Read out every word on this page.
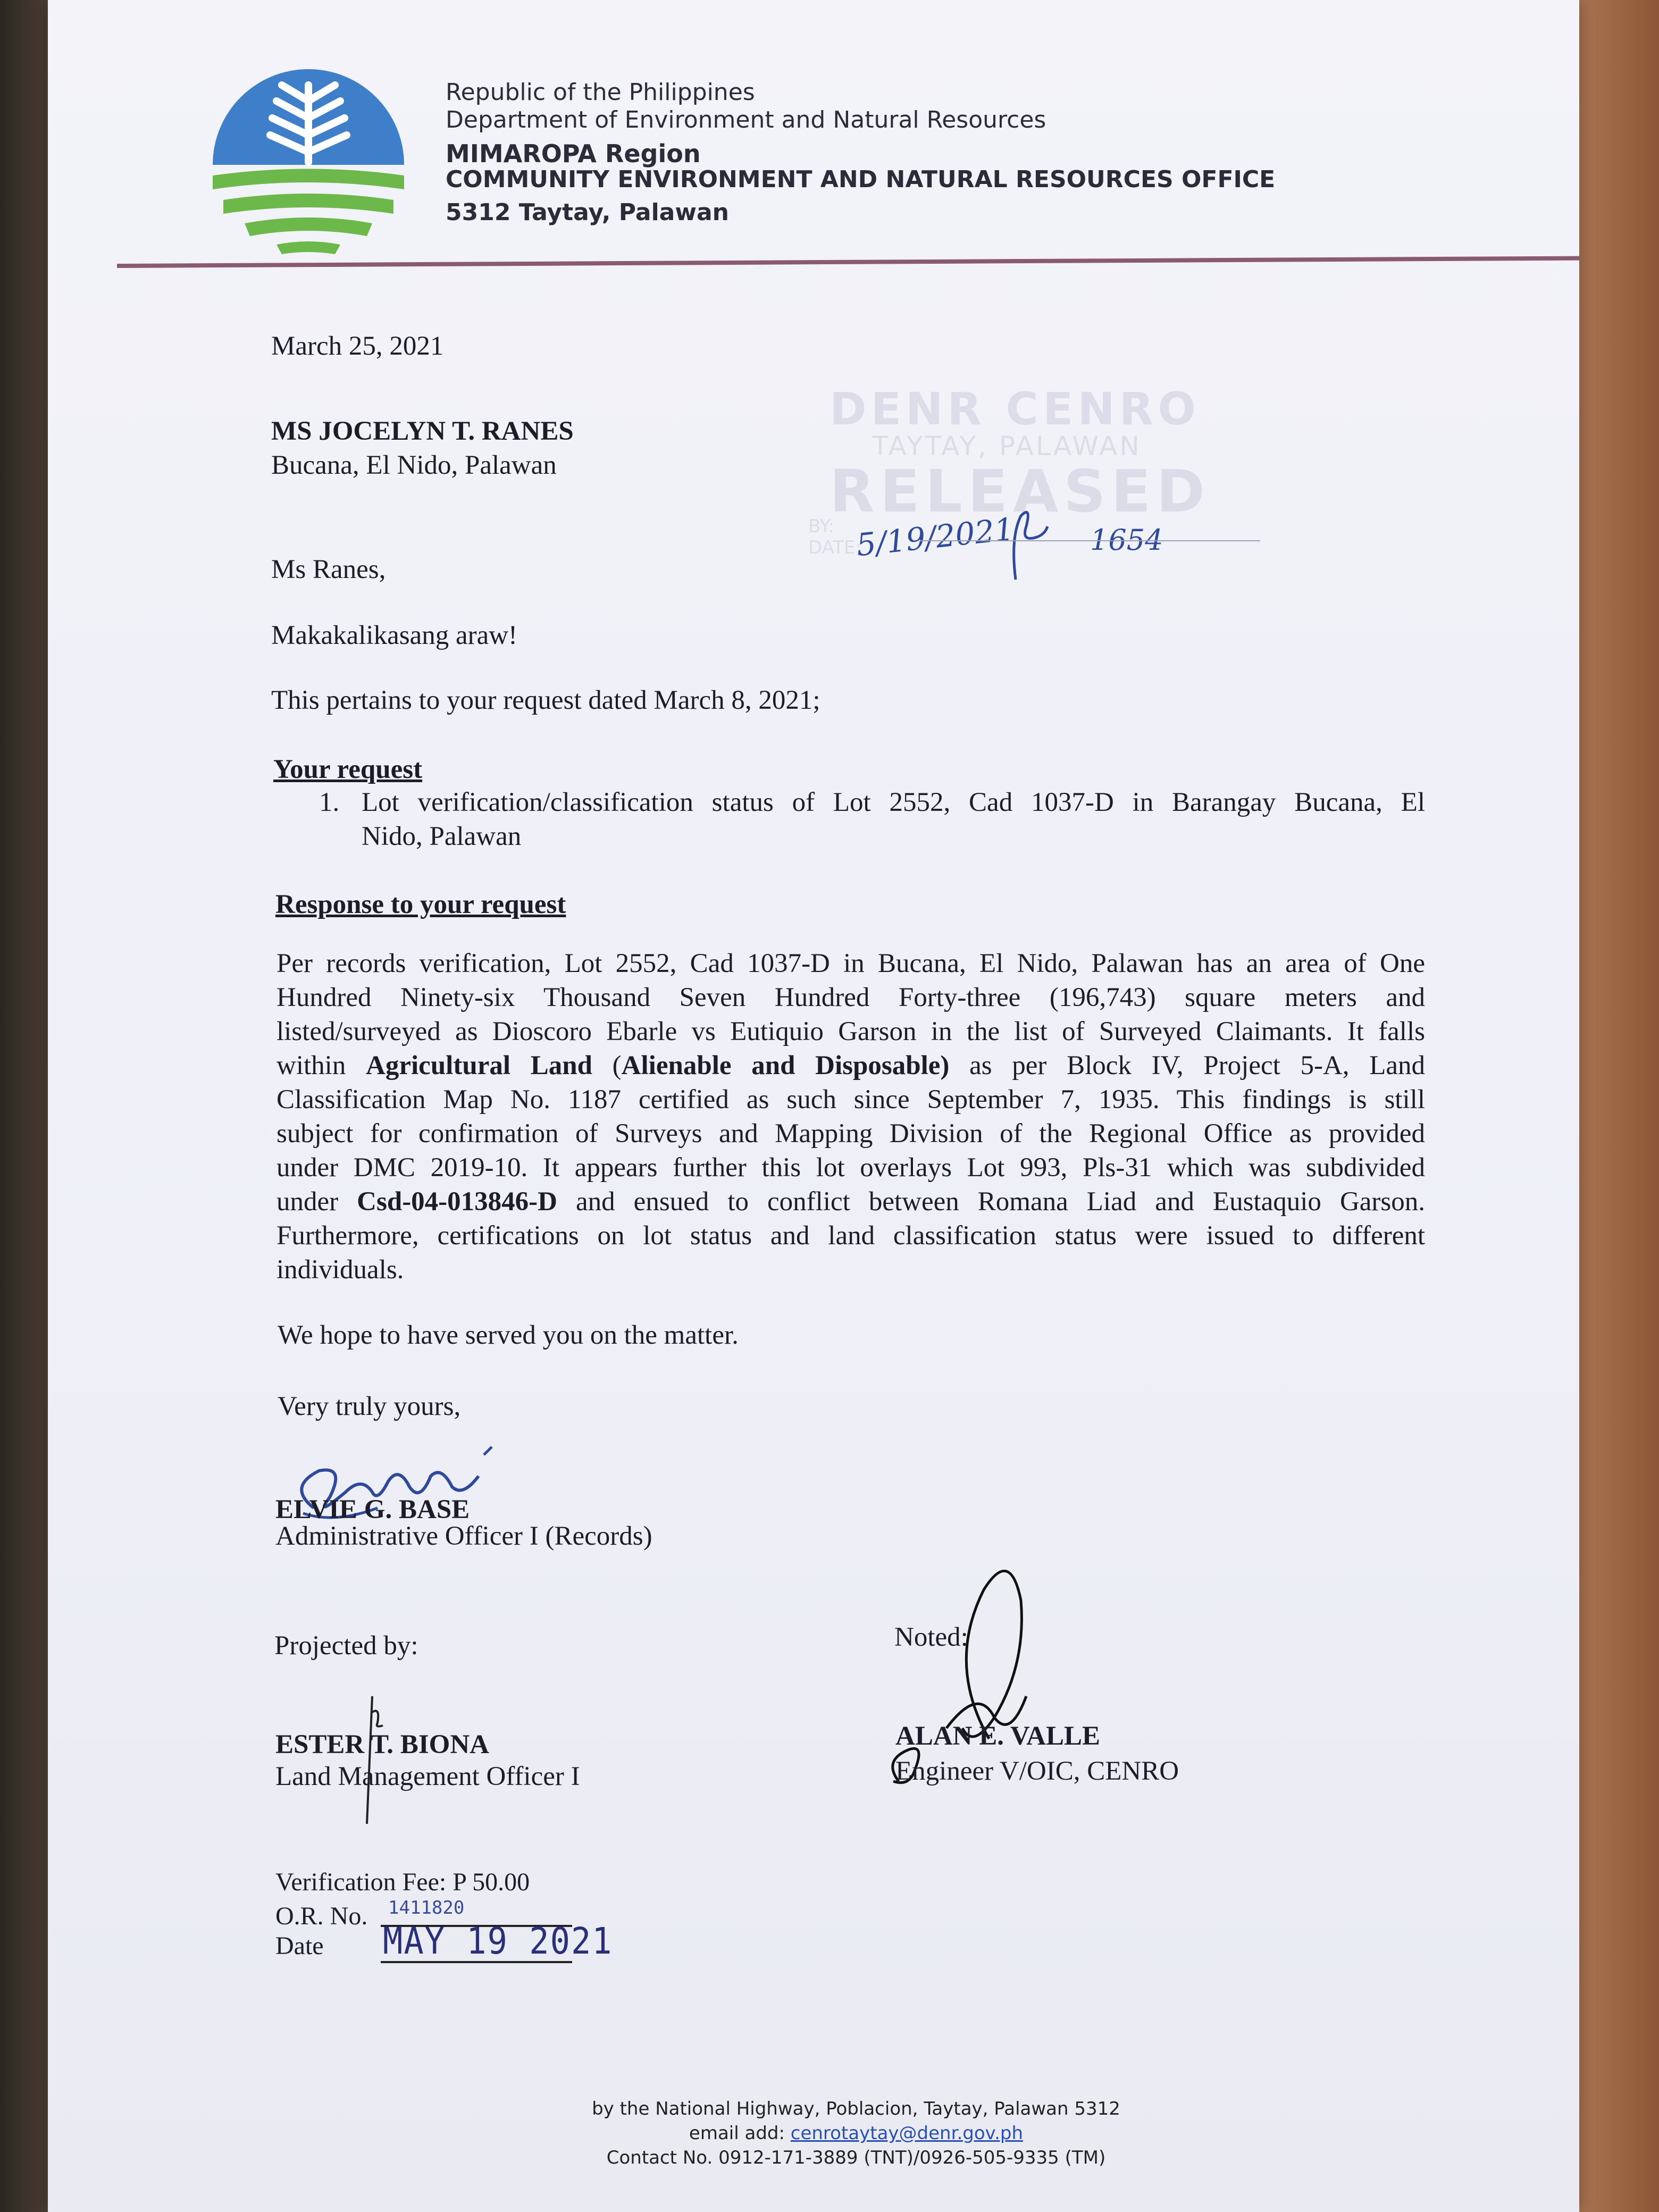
Republic of the Philippines
Department of Environment and Natural Resources
MIMAROPA Region
COMMUNITY ENVIRONMENT AND NATURAL RESOURCES OFFICE
5312 Taytay, Palawan
DENR CENRO
TAYTAY, PALAWAN
RELEASED
BY:
DATE:
5/19/2021	1654
March 25, 2021
MS JOCELYN T. RANES
Bucana, El Nido, Palawan
Ms Ranes,
Makakalikasang araw!
This pertains to your request dated March 8, 2021;
Your request
1. Lot verification/classification status of Lot 2552, Cad 1037-D in Barangay Bucana, El
Nido, Palawan
Response to your request
Per records verification, Lot 2552, Cad 1037-D in Bucana, El Nido, Palawan has an area of One
Hundred Ninety-six Thousand Seven Hundred Forty-three (196,743) square meters and
listed/surveyed as Dioscoro Ebarle vs Eutiquio Garson in the list of Surveyed Claimants. It falls
within Agricultural Land (Alienable and Disposable) as per Block IV, Project 5-A, Land
Classification Map No. 1187 certified as such since September 7, 1935. This findings is still
subject for confirmation of Surveys and Mapping Division of the Regional Office as provided
under DMC 2019-10. It appears further this lot overlays Lot 993, Pls-31 which was subdivided
under Csd-04-013846-D and ensued to conflict between Romana Liad and Eustaquio Garson.
Furthermore, certifications on lot status and land classification status were issued to different
individuals.
We hope to have served you on the matter.
Very truly yours,
ELVIE G. BASE
Administrative Officer I (Records)
Projected by:
ESTER T. BIONA
Land Management Officer I
Noted:
ALAN E. VALLE
Engineer V/OIC, CENRO
Verification Fee: P 50.00
O.R. No. 1411820
Date MAY 19 2021
by the National Highway, Poblacion, Taytay, Palawan 5312
email add: cenrotaytay@denr.gov.ph
Contact No. 0912-171-3889 (TNT)/0926-505-9335 (TM)
